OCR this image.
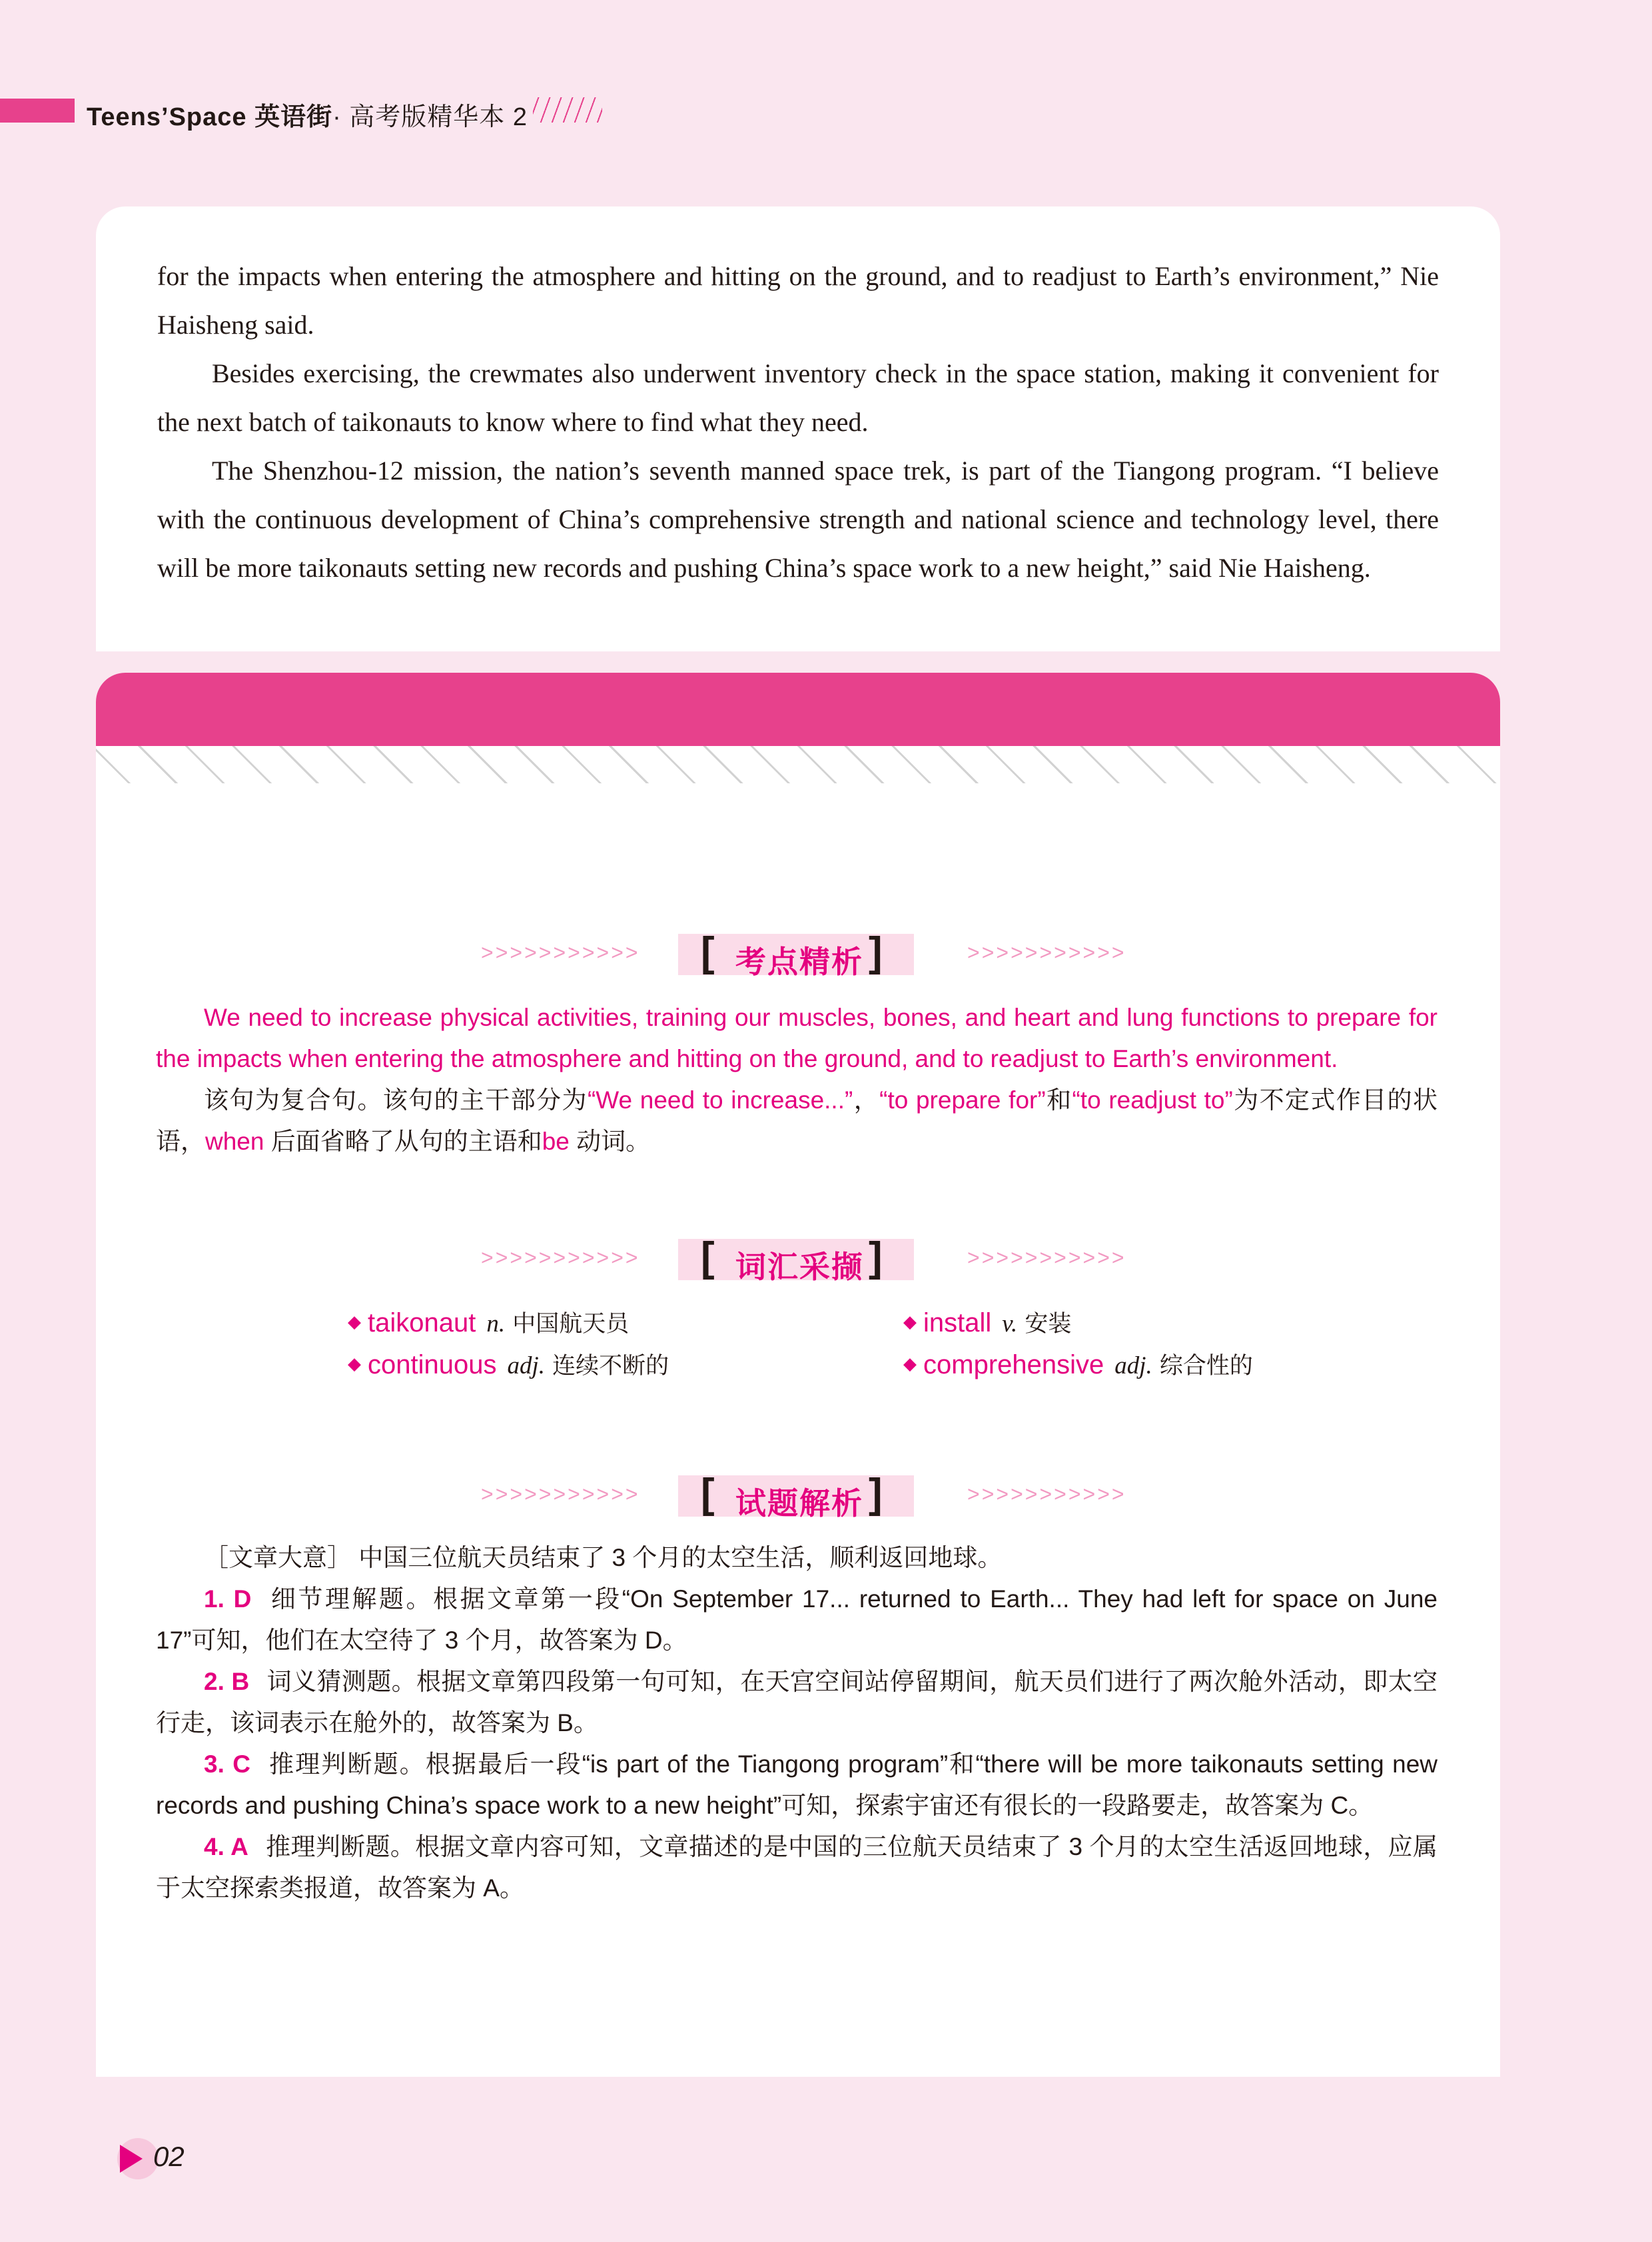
Teens’Space 英语街· 高考版精华本 2

for the impacts when entering the atmosphere and hitting on the ground, and to readjust to Earth’s environment,” Nie Haisheng said.

Besides exercising, the crewmates also underwent inventory check in the space station, making it convenient for the next batch of taikonauts to know where to find what they need.

The Shenzhou-12 mission, the nation’s seventh manned space trek, is part of the Tiangong program. “I believe with the continuous development of China’s comprehensive strength and national science and technology level, there will be more taikonauts setting new records and pushing China’s space work to a new height,” said Nie Haisheng.

>>>>>>>>>>> [ 考点精析 ]	>>>>>>>>>>>

We need to increase physical activities, training our muscles, bones, and heart and lung functions to prepare for the impacts when entering the atmosphere and hitting on the ground, and to readjust to Earth’s environment.

该句为复合句。该句的主干部分为“We need to increase...”，“to prepare for”和“to readjust to”为不定式作目的状语，when 后面省略了从句的主语和be 动词。

>>>>>>>>>>> [ 词汇采撷 ]	>>>>>>>>>>>
◆ taikonaut n. 中国航天员	◆ install v. 安装
◆ continuous adj. 连续不断的	◆ comprehensive adj. 综合性的
>>>>>>>>>>> [ 试题解析 ]	>>>>>>>>>>>

［文章大意］ 中国三位航天员结束了 3 个月的太空生活，顺利返回地球。

1. D 细节理解题。根据文章第一段“On September 17... returned to Earth... They had left for space on June 17”可知，他们在太空待了 3 个月，故答案为 D。

2. B 词义猜测题。根据文章第四段第一句可知，在天宫空间站停留期间，航天员们进行了两次舱外活动，即太空行走，该词表示在舱外的，故答案为 B。

3. C 推理判断题。根据最后一段“is part of the Tiangong program”和“there will be more taikonauts setting new records and pushing China’s space work to a new height”可知，探索宇宙还有很长的一段路要走，故答案为 C。

4. A 推理判断题。根据文章内容可知，文章描述的是中国的三位航天员结束了 3 个月的太空生活返回地球，应属于太空探索类报道，故答案为 A。

02
